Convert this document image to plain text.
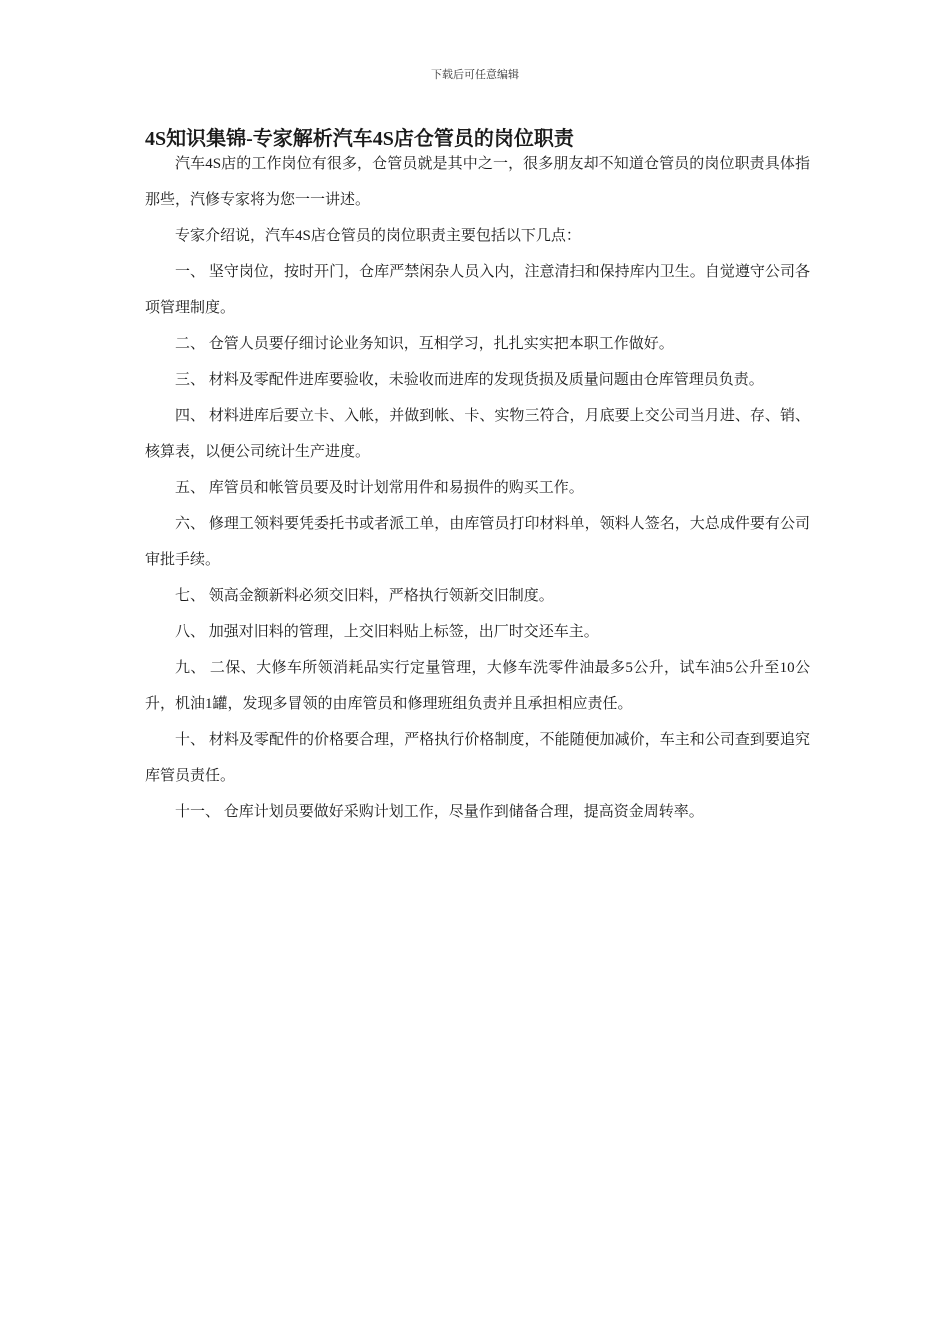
下载后可任意编辑
4S知识集锦-专家解析汽车4S店仓管员的岗位职责

汽车4S店的工作岗位有很多，仓管员就是其中之一，很多朋友却不知道仓管员的岗位职责具体指那些，汽修专家将为您一一讲述。

专家介绍说，汽车4S店仓管员的岗位职责主要包括以下几点：

一、 坚守岗位，按时开门，仓库严禁闲杂人员入内，注意清扫和保持库内卫生。自觉遵守公司各项管理制度。

二、 仓管人员要仔细讨论业务知识，互相学习，扎扎实实把本职工作做好。

三、 材料及零配件进库要验收，未验收而进库的发现货损及质量问题由仓库管理员负责。

四、 材料进库后要立卡、入帐，并做到帐、卡、实物三符合，月底要上交公司当月进、存、销、核算表，以便公司统计生产进度。

五、 库管员和帐管员要及时计划常用件和易损件的购买工作。

六、 修理工领料要凭委托书或者派工单，由库管员打印材料单，领料人签名，大总成件要有公司审批手续。

七、 领高金额新料必须交旧料，严格执行领新交旧制度。

八、 加强对旧料的管理，上交旧料贴上标签，出厂时交还车主。

九、 二保、大修车所领消耗品实行定量管理，大修车洗零件油最多5公升，试车油5公升至10公升，机油1罐，发现多冒领的由库管员和修理班组负责并且承担相应责任。

十、 材料及零配件的价格要合理，严格执行价格制度，不能随便加减价，车主和公司查到要追究库管员责任。

十一、 仓库计划员要做好采购计划工作，尽量作到储备合理，提高资金周转率。
